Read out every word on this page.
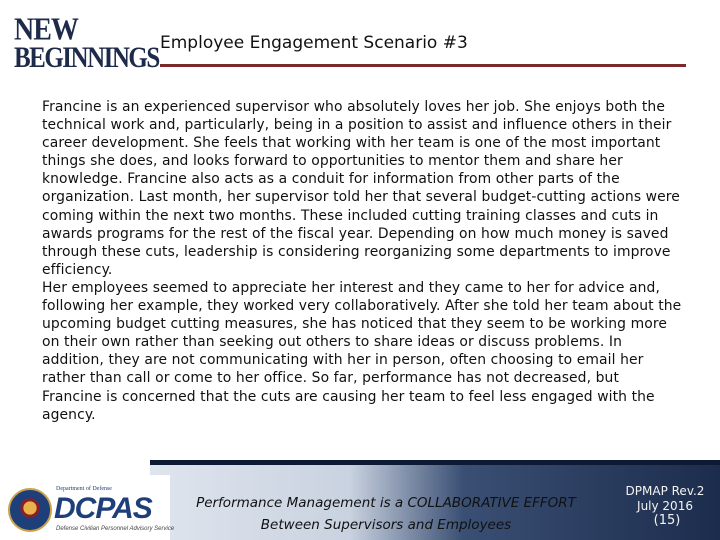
NEW
BEGINNINGS Employee Engagement Scenario #3

Francine is an experienced supervisor who absolutely loves her job. She enjoys both the technical work and, particularly, being in a position to assist and influence others in their career development. She feels that working with her team is one of the most important things she does, and looks forward to opportunities to mentor them and share her knowledge. Francine also acts as a conduit for information from other parts of the organization. Last month, her supervisor told her that several budget-cutting actions were coming within the next two months. These included cutting training classes and cuts in awards programs for the rest of the fiscal year. Depending on how much money is saved through these cuts, leadership is considering reorganizing some departments to improve efficiency.

Her employees seemed to appreciate her interest and they came to her for advice and, following her example, they worked very collaboratively. After she told her team about the upcoming budget cutting measures, she has noticed that they seem to be working more on their own rather than seeking out others to share ideas or discuss problems. In addition, they are not communicating with her in person, often choosing to email her rather than call or come to her office. So far, performance has not decreased, but Francine is concerned that the cuts are causing her team to feel less engaged with the agency.

Department of Defense
DCPAS
Defense Civilian Personnel Advisory Service
Performance Management is a COLLABORATIVE EFFORT
Between Supervisors and Employees
DPMAP Rev.2
July 2016
(15)
